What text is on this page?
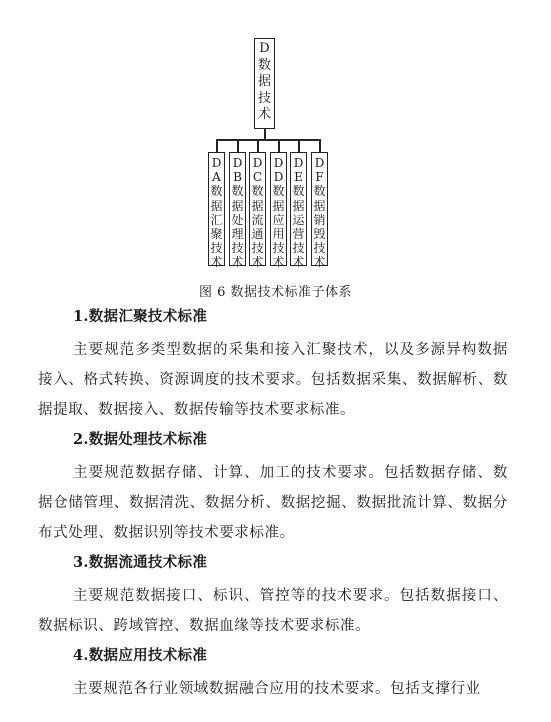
D
数
据
技
术
D
A
数
据
汇
聚
技
术
D
B
数
据
处
理
技
术
D
C
数
据
流
通
技
术
D
D
数
据
应
用
技
术
D
E
数
据
运
营
技
术
D
F
数
据
销
毁
技
术
图 6 数据技术标准子体系
1.数据汇聚技术标准
主要规范多类型数据的采集和接入汇聚技术，以及多源异构数据接入、格式转换、资源调度的技术要求。包括数据采集、数据解析、数据提取、数据接入、数据传输等技术要求标准。
2.数据处理技术标准
主要规范数据存储、计算、加工的技术要求。包括数据存储、数据仓储管理、数据清洗、数据分析、数据挖掘、数据批流计算、数据分布式处理、数据识别等技术要求标准。
3.数据流通技术标准
主要规范数据接口、标识、管控等的技术要求。包括数据接口、数据标识、跨域管控、数据血缘等技术要求标准。
4.数据应用技术标准
主要规范各行业领域数据融合应用的技术要求。包括支撑行业
